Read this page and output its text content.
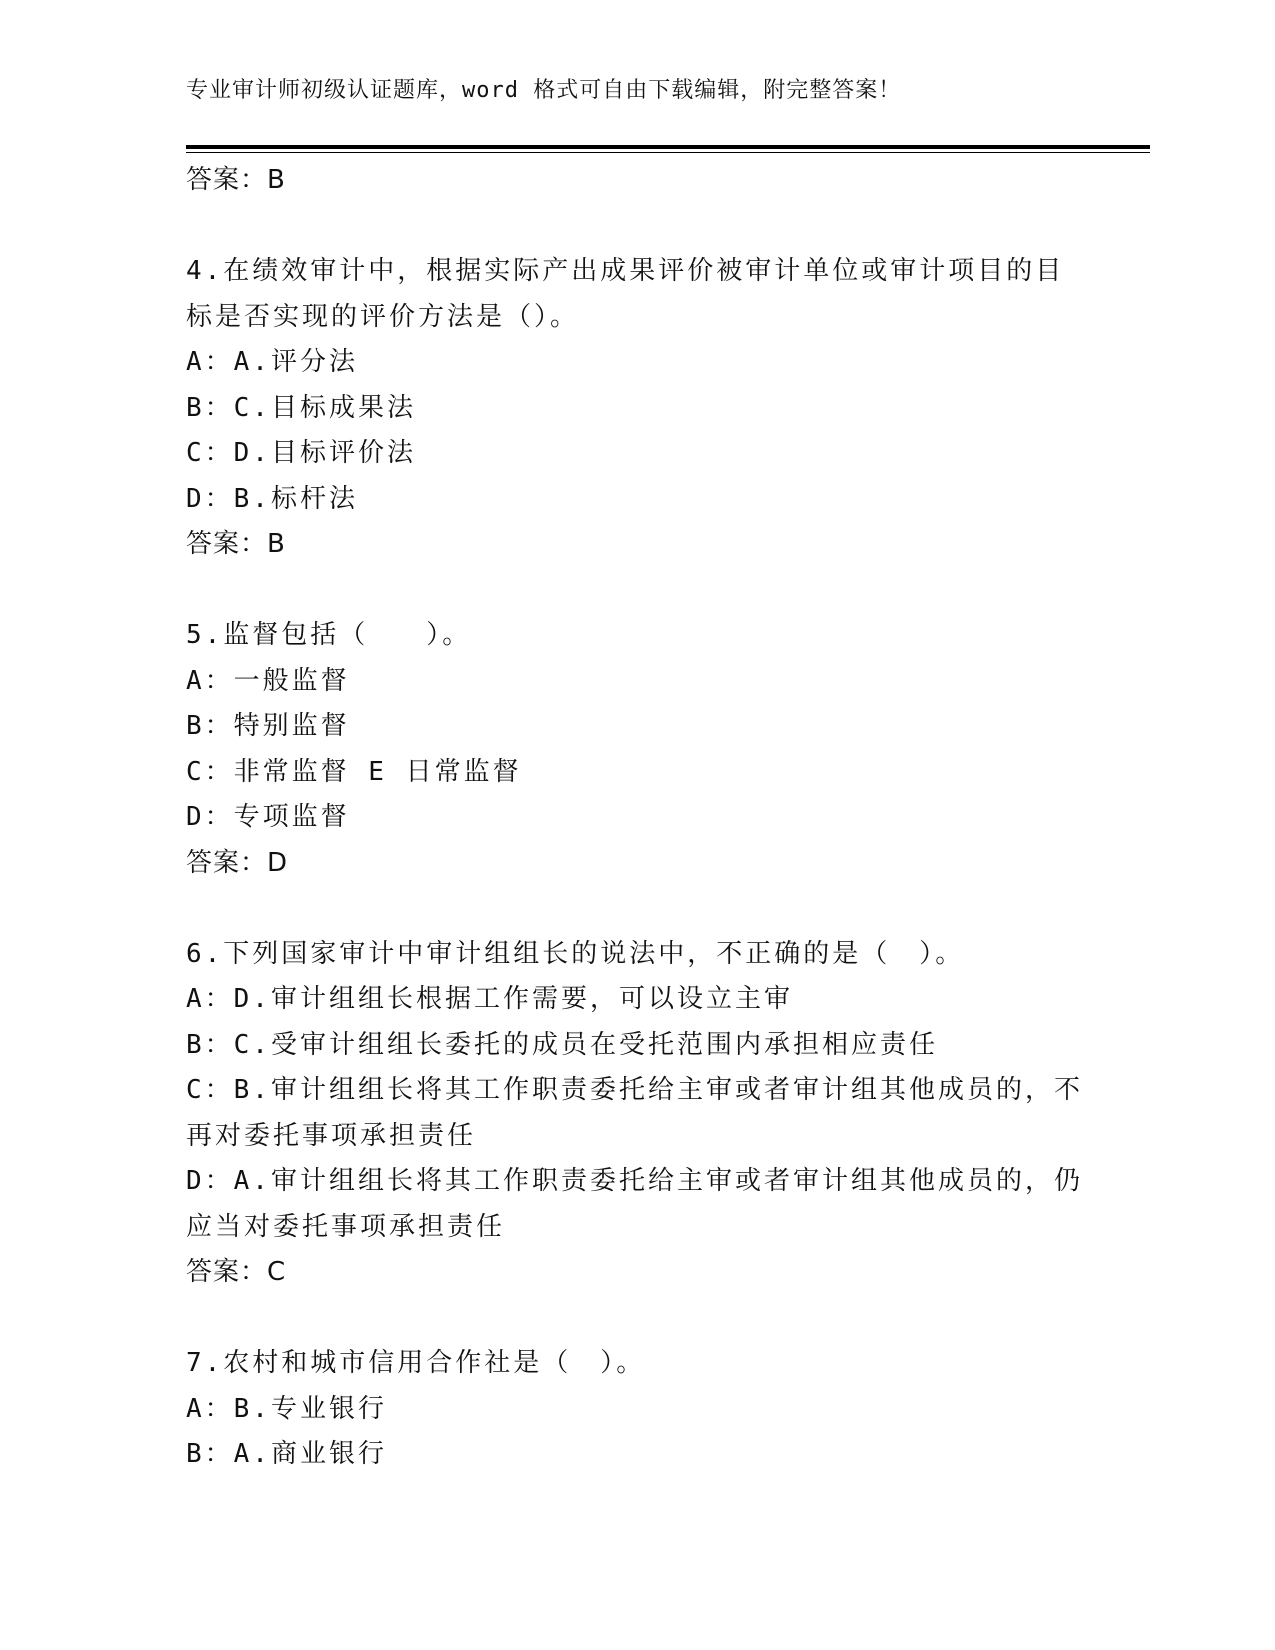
专业审计师初级认证题库，word 格式可自由下载编辑，附完整答案！
答案：B
4.在绩效审计中，根据实际产出成果评价被审计单位或审计项目的目
标是否实现的评价方法是（）。
A：A.评分法
B：C.目标成果法
C：D.目标评价法
D：B.标杆法
答案：B
5.监督包括（　　）。
A：一般监督
B：特别监督
C：非常监督 E 日常监督
D：专项监督
答案：D
6.下列国家审计中审计组组长的说法中，不正确的是（　）。
A：D.审计组组长根据工作需要，可以设立主审
B：C.受审计组组长委托的成员在受托范围内承担相应责任
C：B.审计组组长将其工作职责委托给主审或者审计组其他成员的，不
再对委托事项承担责任
D：A.审计组组长将其工作职责委托给主审或者审计组其他成员的，仍
应当对委托事项承担责任
答案：C
7.农村和城市信用合作社是（　）。
A：B.专业银行
B：A.商业银行
